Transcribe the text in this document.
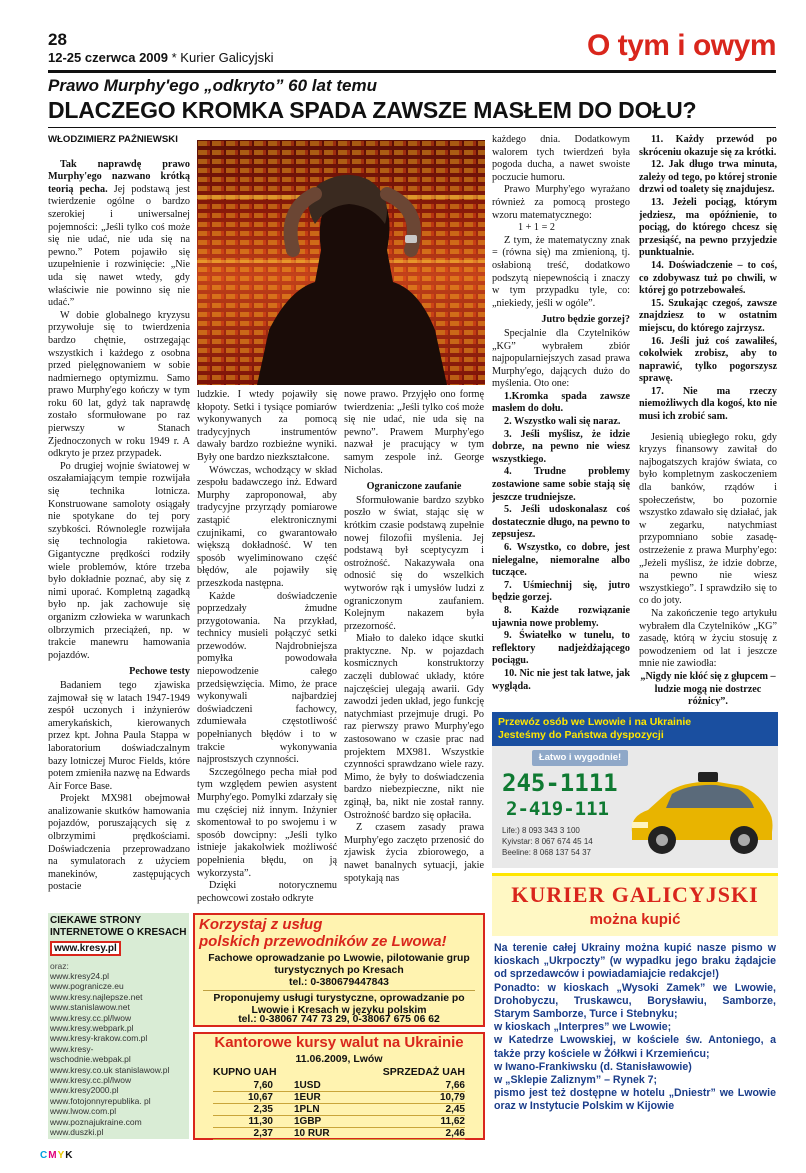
28
12-25 czerwca 2009 * Kurier Galicyjski	O tym i owym
Prawo Murphy'ego „odkryto” 60 lat temu
DLACZEGO KROMKA SPADA ZAWSZE MASŁEM DO DOŁU?
WŁODZIMIERZ PAŹNIEWSKI

Tak naprawdę prawo Murphy'ego nazwano krótką teorią pecha. Jej podstawą jest twierdzenie ogólne o bardzo szerokiej i uniwersalnej pojemności: „Jeśli tylko coś może się nie udać, nie uda się na pewno.” Potem pojawiło się uzupełnienie i rozwinięcie: „Nie uda się nawet wtedy, gdy właściwie nie powinno się nie udać.”

W dobie globalnego kryzysu przywołuje się to twierdzenia bardzo chętnie, ostrzegając wszystkich i każdego z osobna przed pielęgnowaniem w sobie nadmiernego optymizmu. Samo prawo Murphy'ego kończy w tym roku 60 lat, gdyż tak naprawdę zostało sformułowane po raz pierwszy w Stanach Zjednoczonych w roku 1949 r. A odkryto je przez przypadek.

Po drugiej wojnie światowej w oszałamiającym tempie rozwijała się technika lotnicza. Konstruowane samoloty osiągały nie spotykane do tej pory szybkości. Równolegle rozwijała się technologia rakietowa. Gigantyczne prędkości rodziły wiele problemów, które trzeba było dokładnie poznać, aby się z nimi uporać. Kompletną zagadką było np. jak zachowuje się organizm człowieka w warunkach olbrzymich przeciążeń, np. w trakcie manewru hamowania pojazdów.

Pechowe testy

Badaniem tego zjawiska zajmował się w latach 1947-1949 zespół uczonych i inżynierów amerykańskich, kierowanych przez kpt. Johna Paula Stappa w laboratorium doświadczalnym bazy lotniczej Muroc Fields, które potem zmieniła nazwę na Edwards Air Force Base.

Projekt MX981 obejmował analizowanie skutków hamowania pojazdów, poruszających się z olbrzymimi prędkościami. Doświadczenia przeprowadzano na symulatorach z użyciem manekinów, zastępujących postacie

ludzkie. I wtedy pojawiły się kłopoty. Setki i tysiące pomiarów wykonywanych za pomocą tradycyjnych instrumentów dawały bardzo rozbieżne wyniki. Były one bardzo niezkształcone.

Wówczas, wchodzący w skład zespołu badawczego inż. Edward Murphy zaproponował, aby tradycyjne przyrządy pomiarowe zastąpić elektronicznymi czujnikami, co gwarantowało większą dokładność. W ten sposób wyeliminowano część błędów, ale pojawiły się przeszkoda następna.

Każde doświadczenie poprzedzały żmudne przygotowania. Na przykład, technicy musieli połączyć setki przewodów. Najdrobniejsza pomyłka powodowała niepowodzenie całego przedsięwzięcia. Mimo, że prace wykonywali najbardziej doświadczeni fachowcy, zdumiewała częstotliwość popełnianych błędów i to w trakcie wykonywania najprostszych czynności.

Szczególnego pecha miał pod tym względem pewien asystent Murphy'ego. Pomylki zdarzały się mu częściej niż innym. Inżynier skomentował to po swojemu i w sposób dowcipny: „Jeśli tylko istnieje jakakolwiek możliwość popełnienia błędu, on ją wykorzysta”.

Dzięki notorycznemu pechowcowi zostało odkryte

nowe prawo. Przyjęło ono formę twierdzenia: „Jeśli tylko coś może się nie udać, nie uda się na pewno”. Prawem Murphy'ego nazwał je pracujący w tym samym zespole inż. George Nicholas.

Ograniczone zaufanie

Sformułowanie bardzo szybko poszło w świat, stając się w krótkim czasie podstawą zupełnie nowej filozofii myślenia. Jej podstawą był sceptycyzm i ostrożność. Nakazywała ona odnosić się do wszelkich wytworów rąk i umysłów ludzi z ograniczonym zaufaniem. Kolejnym nakazem była przezorność.

Miało to daleko idące skutki praktyczne. Np. w pojazdach kosmicznych konstruktorzy zaczęli dublować układy, które najczęściej ulegają awarii. Gdy zawodzi jeden układ, jego funkcję natychmiast przejmuje drugi. Po raz pierwszy prawo Murphy'ego zastosowano w czasie prac nad projektem MX981. Wszystkie czynności sprawdzano wiele razy. Mimo, że były to doświadczenia bardzo niebezpieczne, nikt nie zginął, ba, nikt nie został ranny. Ostrożność bardzo się opłaciła.

Z czasem zasady prawa Murphy'ego zaczęto przenosić do zjawisk życia zbiorowego, a nawet banalnych sytuacji, jakie spotykają nas

każdego dnia. Dodatkowym walorem tych twierdzeń była pogoda ducha, a nawet swoiste poczucie humoru.

Prawo Murphy'ego wyrażano również za pomocą prostego wzoru matematycznego:

1 + 1 = 2

Z tym, że matematyczny znak = (równa się) ma zmienioną, tj. osłabioną treść, dodatkowo podszytą niepewnością i znaczy w tym przypadku tyle, co: „niekiedy, jeśli w ogóle”.

Jutro będzie gorzej?

Specjalnie dla Czytelników „KG” wybrałem zbiór najpopularniejszych zasad prawa Murphy'ego, dających dużo do myślenia. Oto one:

1.Kromka spada zawsze masłem do dołu.

2. Wszystko wali się naraz.

3. Jeśli myślisz, że idzie dobrze, na pewno nie wiesz wszystkiego.

4. Trudne problemy zostawione same sobie stają się jeszcze trudniejsze.

5. Jeśli udoskonalasz coś dostatecznie długo, na pewno to zepsujesz.

6. Wszystko, co dobre, jest nielegalne, niemoralne albo tuczące.

7. Uśmiechnij się, jutro będzie gorzej.

8. Każde rozwiązanie ujawnia nowe problemy.

9. Światełko w tunelu, to reflektory nadjeżdżającego pociągu.

10. Nic nie jest tak łatwe, jak wygląda.

11. Każdy przewód po skróceniu okazuje się za krótki.

12. Jak długo trwa minuta, zależy od tego, po której stronie drzwi od toalety się znajdujesz.

13. Jeżeli pociąg, którym jedziesz, ma opóźnienie, to pociąg, do którego chcesz się przesiąść, na pewno przyjedzie punktualnie.

14. Doświadczenie – to coś, co zdobywasz tuż po chwili, w której go potrzebowałeś.

15. Szukając czegoś, zawsze znajdziesz to w ostatnim miejscu, do którego zajrzysz.

16. Jeśli już coś zawaliłeś, cokolwiek zrobisz, aby to naprawić, tylko pogorszysz sprawę.

17. Nie ma rzeczy niemożliwych dla kogoś, kto nie musi ich zrobić sam.

Jesienią ubiegłego roku, gdy kryzys finansowy zawitał do najbogatszych krajów świata, co było kompletnym zaskoczeniem dla banków, rządów i społeczeństw, bo pozornie wszystko zdawało się działać, jak w zegarku, natychmiast przypomniano sobie zasadę-ostrzeżenie z prawa Murphy'ego: „Jeżeli myślisz, że idzie dobrze, na pewno nie wiesz wszystkiego”. I sprawdziło się to co do joty.

Na zakończenie tego artykułu wybrałem dla Czytelników „KG” zasadę, którą w życiu stosuję z powodzeniem od lat i jeszcze mnie nie zawiodła:

„Nigdy nie kłóć się z głupcem – ludzie mogą nie dostrzec różnicy”.

Przewóz osób we Lwowie i na Ukrainie
Jesteśmy do Państwa dyspozycji
Łatwo i wygodnie!
245-1111
2-419-111
Life:) 8 093 343 3 100
Kyivstar: 8 067 674 45 14
Beeline: 8 068 137 54 37
KURIER GALICYJSKI
można kupić
Na terenie całej Ukrainy można kupić nasze pismo w kioskach „Ukrpoczty” (w wypadku jego braku żądajcie od sprzedawców i powiadamiajcie redakcje!)
Ponadto: w kioskach „Wysoki Zamek” we Lwowie, Drohobyczu, Truskawcu, Borysławiu, Samborze, Starym Samborze, Turce i Stebnyku;
w kioskach „Interpres” we Lwowie;
w Katedrze Lwowskiej, w kościele św. Antoniego, a także przy kościele w Żółkwi i Krzemieńcu;
w Iwano-Frankiwsku (d. Stanisławowie)
w „Sklepie Zaliznym” – Rynek 7;
pismo jest też dostępne w hotelu „Dniestr” we Lwowie oraz w Instytucie Polskim w Kijowie
CIEKAWE STRONY INTERNETOWE O KRESACH
www.kresy.pl
oraz:
www.kresy24.pl
www.pogranicze.eu
www.kresy.najlepsze.net
www.stanislawow.net
www.kresy.cc.pl/lwow
www.kresy.webpark.pl
www.kresy-krakow.com.pl
www.kresy-
wschodnie.webpak.pl
www.kresy.co.uk stanislawow.pl
www.kresy.cc.pl/lwow
www.kresy2000.pl
www.fotojonnyrepublika. pl
www.lwow.com.pl
www.poznajukraine.com
www.duszki.pl
Korzystaj z usług
polskich przewodników ze Lwowa!
Fachowe oprowadzanie po Lwowie, pilotowanie grup turystycznych po Kresach
tel.: 0-380679447843
Proponujemy usługi turystyczne, oprowadzanie po Lwowie i Kresach w języku polskim
tel.: 0-38067 747 73 29, 0-38067 675 06 62
Kantorowe kursy walut na Ukrainie
11.06.2009, Lwów
KUPNO UAH	SPRZEDAŻ UAH
7,60 1USD	7,66
10,67 1EUR	10,79
2,35 1PLN	2,45
11,30 1GBP	11,62
2,37 10 RUR	2,46
CMYK
